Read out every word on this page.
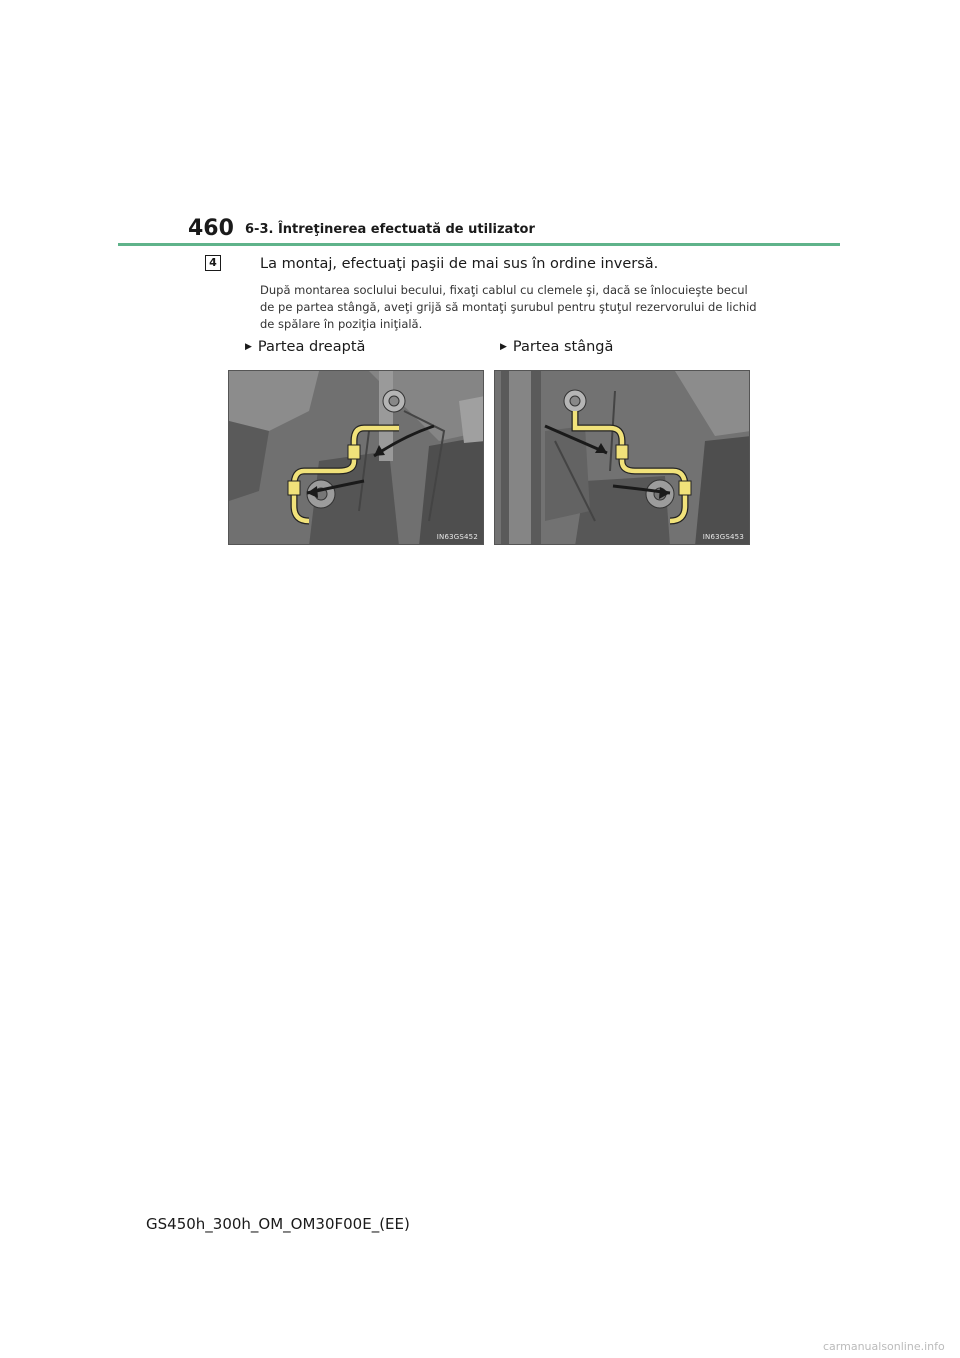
460 6-3. Întreţinerea efectuată de utilizator
4	La montaj, efectuaţi paşii de mai sus în ordine inversă.
După montarea soclului becului, fixaţi cablul cu clemele şi, dacă se înlocuieşte becul de pe partea stângă, aveţi grijă să montaţi şurubul pentru ştuţul rezervorului de lichid de spălare în poziţia iniţială.
▶ Partea dreaptă	▶ Partea stângă
IN63GS452	IN63GS453
GS450h_300h_OM_OM30F00E_(EE)
carmanualsonline.info
